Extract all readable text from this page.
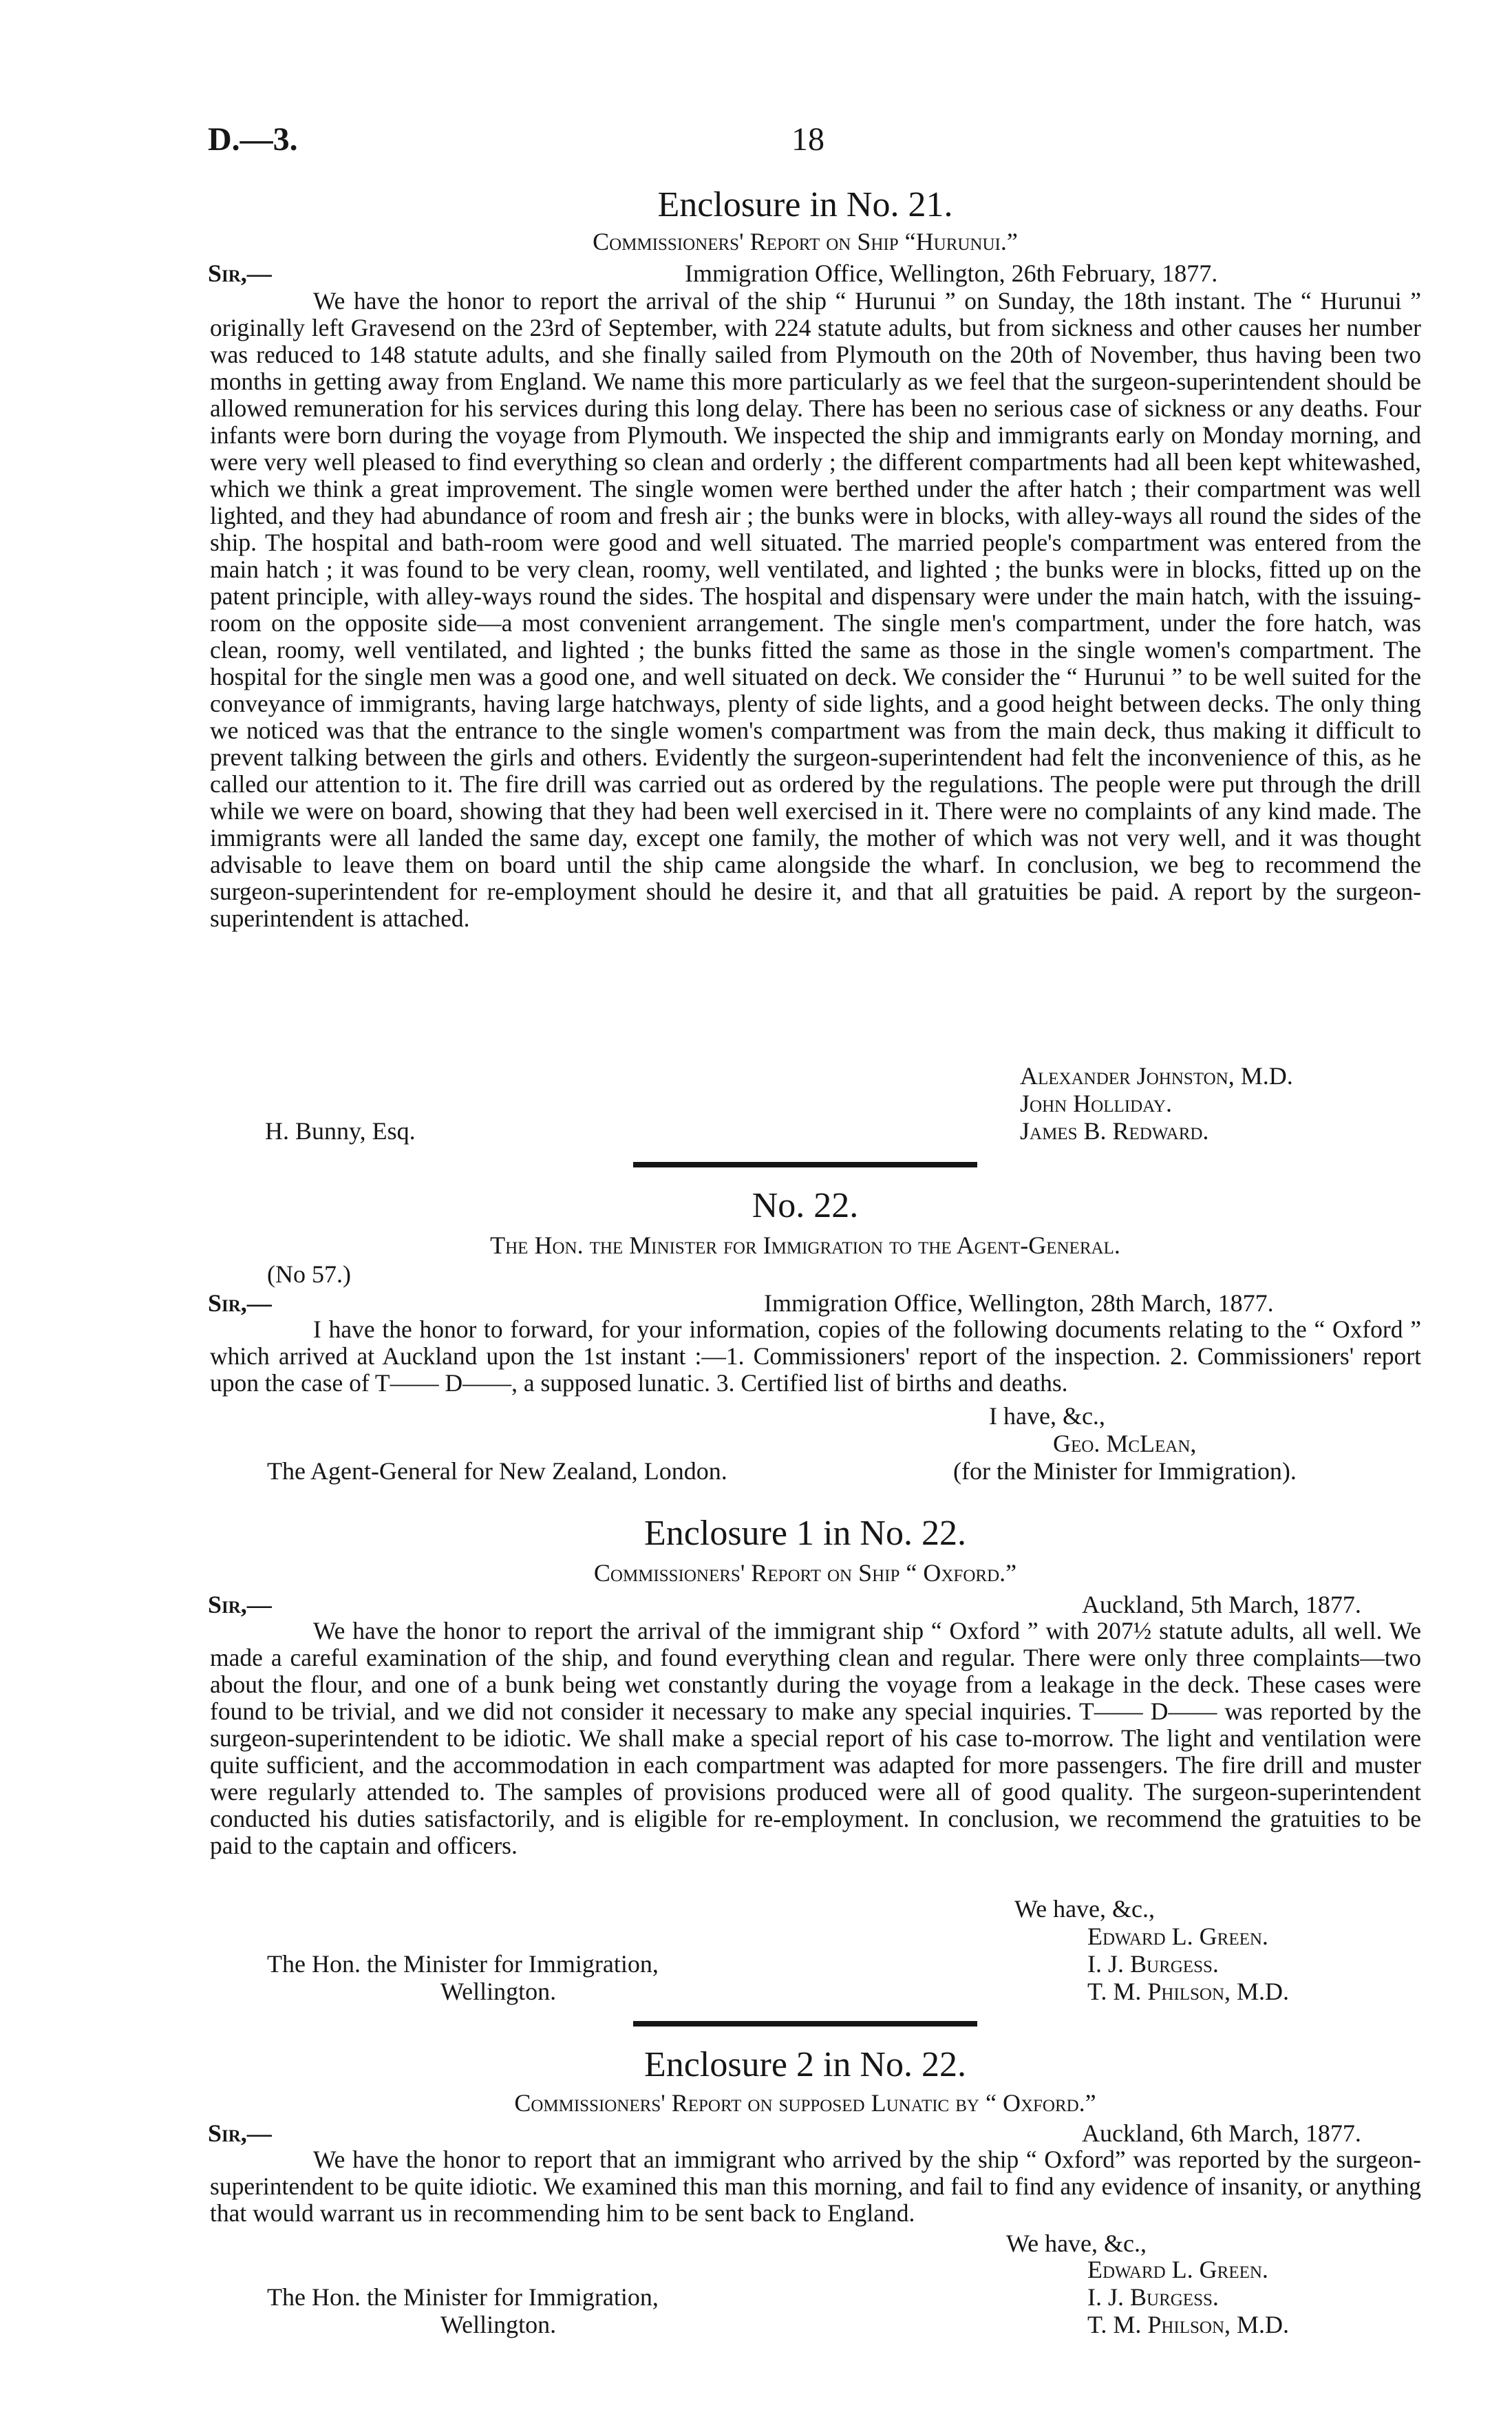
D.—3.	18
Enclosure in No. 21.
Commissioners' Report on Ship “Hurunui.”
Sir,—	Immigration Office, Wellington, 26th February, 1877.

We have the honor to report the arrival of the ship “ Hurunui ” on Sunday, the 18th instant. The “ Hurunui ” originally left Gravesend on the 23rd of September, with 224 statute adults, but from sickness and other causes her number was reduced to 148 statute adults, and she finally sailed from Plymouth on the 20th of November, thus having been two months in getting away from England. We name this more particularly as we feel that the surgeon-superintendent should be allowed remuneration for his services during this long delay. There has been no serious case of sickness or any deaths. Four infants were born during the voyage from Plymouth. We inspected the ship and immigrants early on Monday morning, and were very well pleased to find everything so clean and orderly ; the different compartments had all been kept whitewashed, which we think a great improvement. The single women were berthed under the after hatch ; their compartment was well lighted, and they had abundance of room and fresh air ; the bunks were in blocks, with alley-ways all round the sides of the ship. The hospital and bath-room were good and well situated. The married people's compartment was entered from the main hatch ; it was found to be very clean, roomy, well ventilated, and lighted ; the bunks were in blocks, fitted up on the patent principle, with alley-ways round the sides. The hospital and dispensary were under the main hatch, with the issuing-room on the opposite side—a most convenient arrangement. The single men's compartment, under the fore hatch, was clean, roomy, well ventilated, and lighted ; the bunks fitted the same as those in the single women's compartment. The hospital for the single men was a good one, and well situated on deck. We consider the “ Hurunui ” to be well suited for the conveyance of immigrants, having large hatchways, plenty of side lights, and a good height between decks. The only thing we noticed was that the entrance to the single women's compartment was from the main deck, thus making it difficult to prevent talking between the girls and others. Evidently the surgeon-superintendent had felt the inconvenience of this, as he called our attention to it. The fire drill was carried out as ordered by the regulations. The people were put through the drill while we were on board, showing that they had been well exercised in it. There were no complaints of any kind made. The immigrants were all landed the same day, except one family, the mother of which was not very well, and it was thought advisable to leave them on board until the ship came alongside the wharf. In conclusion, we beg to recommend the surgeon-superintendent for re-employment should he desire it, and that all gratuities be paid. A report by the surgeon-superintendent is attached.

H. Bunny, Esq.
Alexander Johnston, M.D.
John Holliday.
James B. Redward.
No. 22.
The Hon. the Minister for Immigration to the Agent-General.
(No 57.)
Sir,—	Immigration Office, Wellington, 28th March, 1877.

I have the honor to forward, for your information, copies of the following documents relating to the “ Oxford ” which arrived at Auckland upon the 1st instant :—1. Commissioners' report of the inspection. 2. Commissioners' report upon the case of T—— D——, a supposed lunatic. 3. Certified list of births and deaths.

I have, &c.,
Geo. McLean,
The Agent-General for New Zealand, London.	(for the Minister for Immigration).
Enclosure 1 in No. 22.
Commissioners' Report on Ship “ Oxford.”
Sir,—	Auckland, 5th March, 1877.

We have the honor to report the arrival of the immigrant ship “ Oxford ” with 207½ statute adults, all well. We made a careful examination of the ship, and found everything clean and regular. There were only three complaints—two about the flour, and one of a bunk being wet constantly during the voyage from a leakage in the deck. These cases were found to be trivial, and we did not consider it necessary to make any special inquiries. T—— D—— was reported by the surgeon-superintendent to be idiotic. We shall make a special report of his case to-morrow. The light and ventilation were quite sufficient, and the accommodation in each compartment was adapted for more passengers. The fire drill and muster were regularly attended to. The samples of provisions produced were all of good quality. The surgeon-superintendent conducted his duties satisfactorily, and is eligible for re-employment. In conclusion, we recommend the gratuities to be paid to the captain and officers.

We have, &c.,
Edward L. Green.
I. J. Burgess.
T. M. Philson, M.D.
The Hon. the Minister for Immigration,
Wellington.
Enclosure 2 in No. 22.
Commissioners' Report on supposed Lunatic by “ Oxford.”
Sir,—	Auckland, 6th March, 1877.

We have the honor to report that an immigrant who arrived by the ship “ Oxford” was reported by the surgeon-superintendent to be quite idiotic. We examined this man this morning, and fail to find any evidence of insanity, or anything that would warrant us in recommending him to be sent back to England.

We have, &c.,
Edward L. Green.
I. J. Burgess.
T. M. Philson, M.D.
The Hon. the Minister for Immigration,
Wellington.
